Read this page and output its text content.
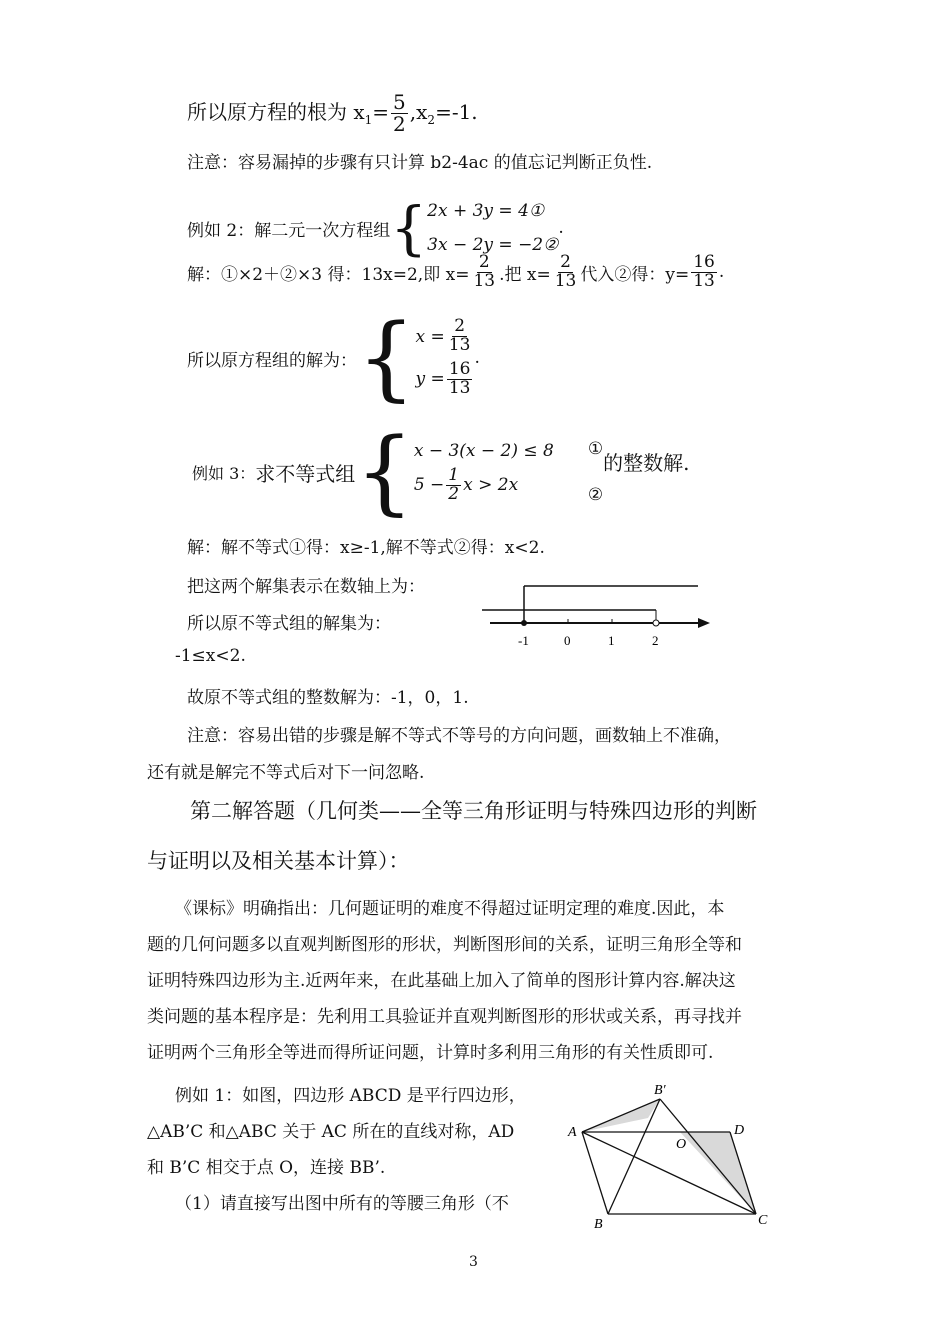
所以原方程的根为 $x_1= \frac{5}{2} ,x_2=-1$.
注意：容易漏掉的步骤有只计算 b2-4ac 的值忘记判断正负性.
例如 2：解二元一次方程组 { 2x + 3y = 4①
3x − 2y = −2②
.
解：①×2＋②×3 得：13x=2,即 $x= \frac{2}{13}$ .把 $x= \frac{2}{13}$ 代入②得：$y= \frac{16}{13}$ .
所以原方程组的解为： { $x = \frac{2}{13}$
$y = \frac{16}{13}$
.
例如 3： 求不等式组 { x − 3(x − 2) ≤ 8
$5 - \frac{1}{2}$ x > 2x
①
②
的整数解.
解：解不等式①得：x≥-1,解不等式②得：x<2.
把这两个解集表示在数轴上为：
所以原不等式组的解集为：
-1≤x<2.
故原不等式组的整数解为：-1，0，1.
-1	0	1	2
注意：容易出错的步骤是解不等式不等号的方向问题，画数轴上不准确，
还有就是解完不等式后对下一问忽略.
第二解答题（几何类——全等三角形证明与特殊四边形的判断
与证明以及相关基本计算）：
《课标》明确指出：几何题证明的难度不得超过证明定理的难度.因此，本
题的几何问题多以直观判断图形的形状，判断图形间的关系，证明三角形全等和
证明特殊四边形为主.近两年来，在此基础上加入了简单的图形计算内容.解决这
类问题的基本程序是：先利用工具验证并直观判断图形的形状或关系，再寻找并
证明两个三角形全等进而得所证问题，计算时多利用三角形的有关性质即可.
例如 1：如图，四边形 ABCD 是平行四边形，
△AB’C 和△ABC 关于 AC 所在的直线对称，AD
和 B’C 相交于点 O，连接 BB’.
（1）请直接写出图中所有的等腰三角形（不
A
B′
D
O
B	C
3
